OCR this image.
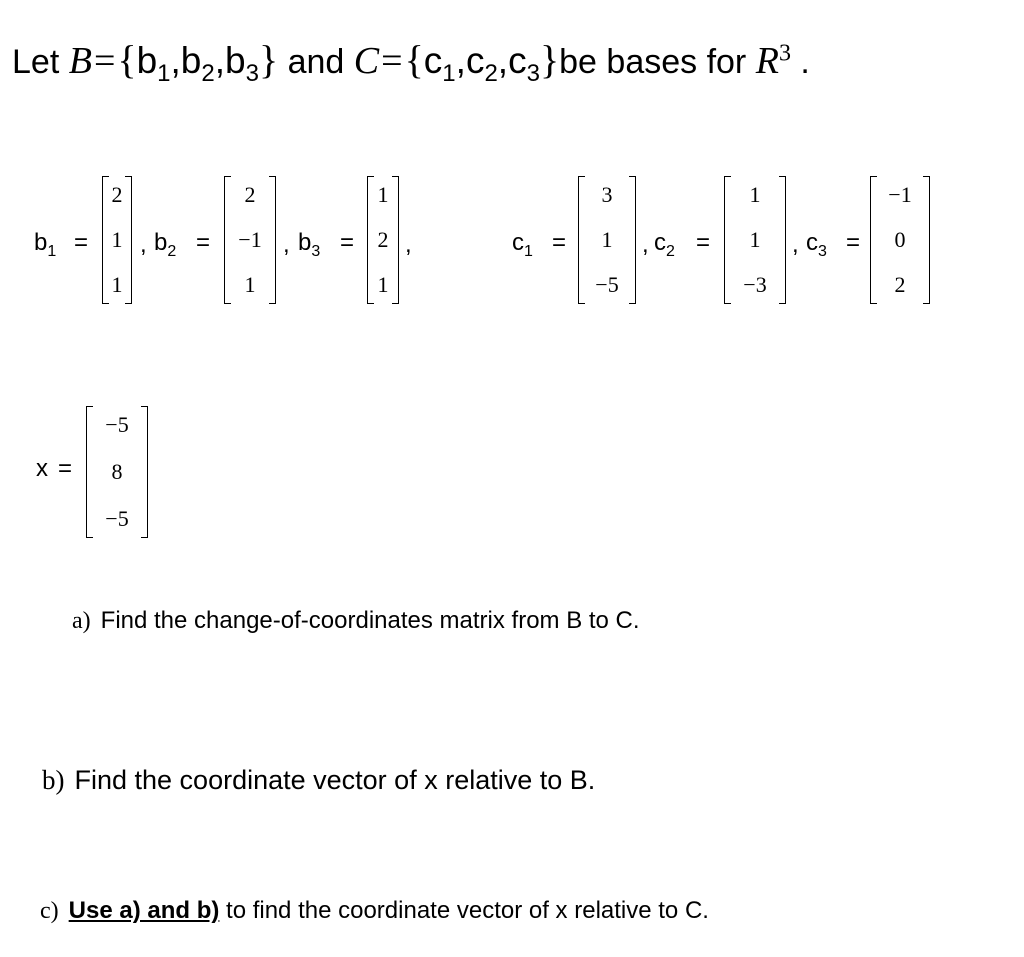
Let $B=\{b_1,b_2,b_3\}$ and $C=\{c_1,c_2,c_3\}be$ bases for $R^3$ .
$b_1$ =
2
1
1
, $b_2$ =
2
−1
1
, $b_3$ =
1
2
1
,	$c_1$ =
3
1
−5
, $c_2$ =
1
1
−3
, $c_3$ =
−1
0
2
x =
−5
8
−5
a) Find the change-of-coordinates matrix from B to C.
b) Find the coordinate vector of x relative to B.
c) Use a) and b) to find the coordinate vector of x relative to C.
